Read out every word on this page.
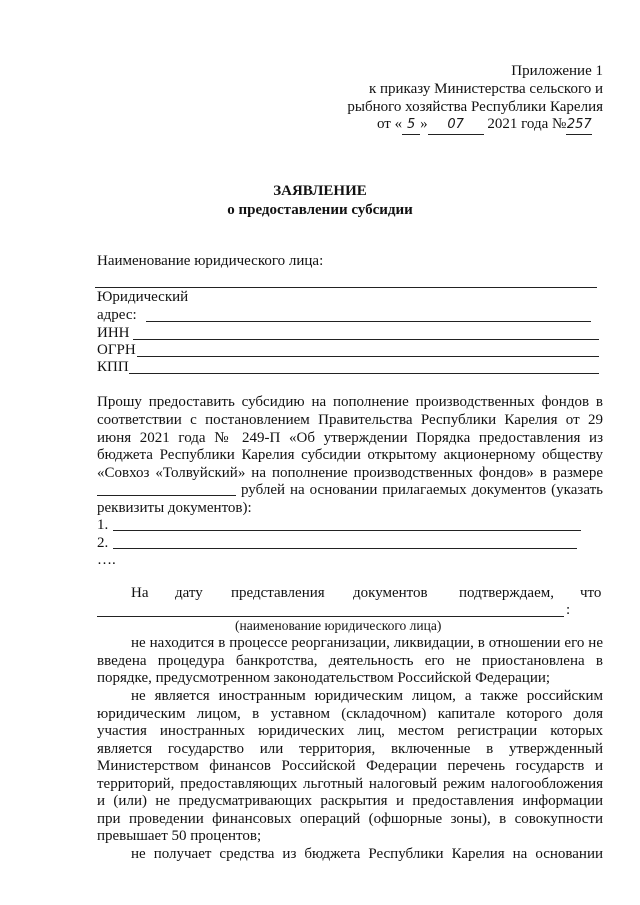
Приложение 1
к приказу Министерства сельского и
рыбного хозяйства Республики Карелия
от « 5 » 07 2021 года №257
ЗАЯВЛЕНИЕ
о предоставлении субсидии
Наименование юридического лица:
Юридический
адрес:
ИНН
ОГРН
КПП
Прошу предоставить субсидию на пополнение производственных фондов в
соответствии с постановлением Правительства Республики Карелия от 29
июня 2021 года № 249-П «Об утверждении Порядка предоставления из
бюджета Республики Карелия субсидии открытому акционерному обществу
«Совхоз «Толвуйский» на пополнение производственных фондов» в размере
рублей на основании прилагаемых документов (указать
реквизиты документов):
1.
2.
….
На дату представления документов подтверждаем, что
:
(наименование юридического лица)
не находится в процессе реорганизации, ликвидации, в отношении его не
введена процедура банкротства, деятельность его не приостановлена в
порядке, предусмотренном законодательством Российской Федерации;
не является иностранным юридическим лицом, а также российским
юридическим лицом, в уставном (складочном) капитале которого доля
участия иностранных юридических лиц, местом регистрации которых
является государство или территория, включенные в утвержденный
Министерством финансов Российской Федерации перечень государств и
территорий, предоставляющих льготный налоговый режим налогообложения
и (или) не предусматривающих раскрытия и предоставления информации
при проведении финансовых операций (офшорные зоны), в совокупности
превышает 50 процентов;
не получает средства из бюджета Республики Карелия на основании
